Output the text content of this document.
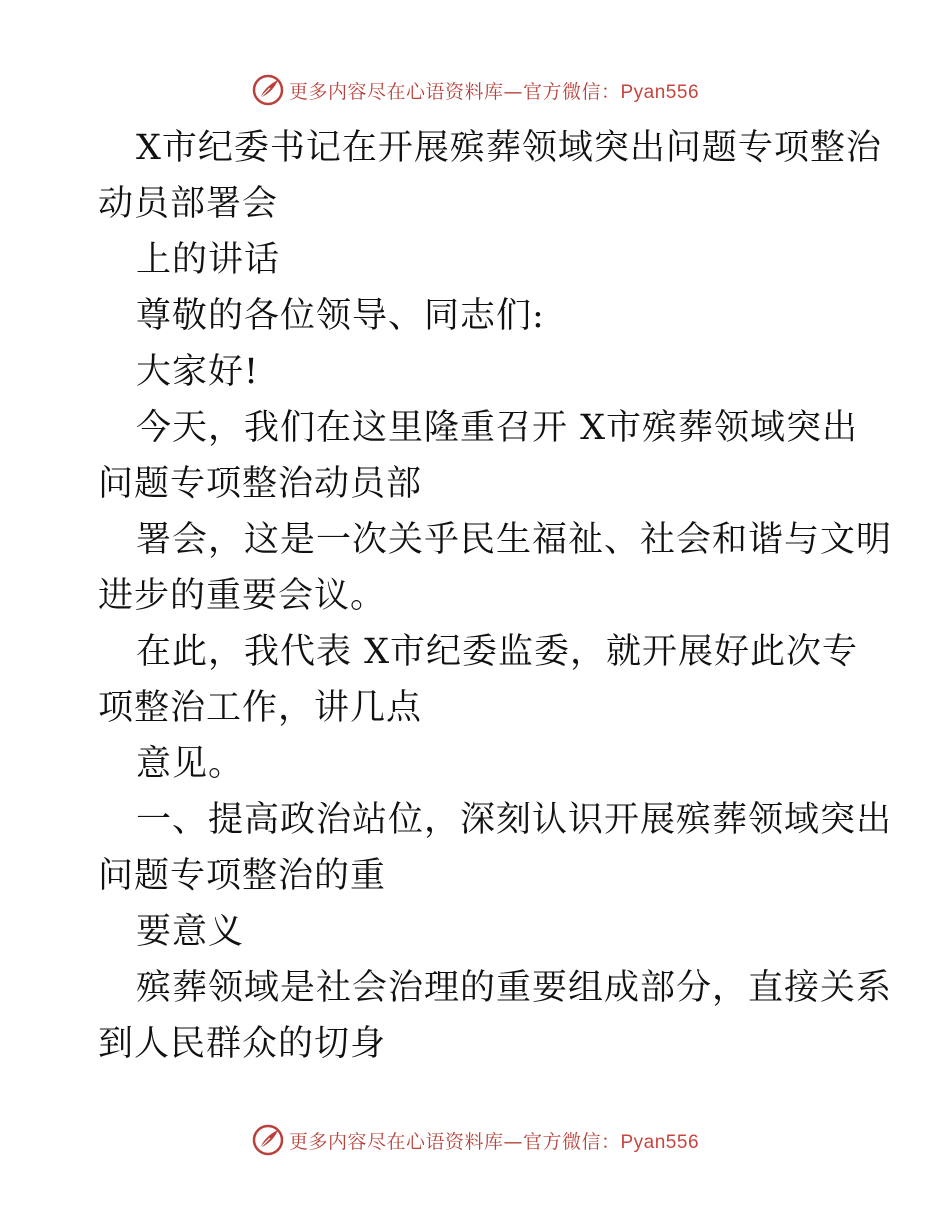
更多内容尽在心语资料库—官方微信：Pyan556
X市纪委书记在开展殡葬领域突出问题专项整治
动员部署会
上的讲话
尊敬的各位领导、同志们:
大家好!
今天，我们在这里隆重召开 X市殡葬领域突出
问题专项整治动员部
署会，这是一次关乎民生福祉、社会和谐与文明
进步的重要会议。
在此，我代表 X市纪委监委，就开展好此次专
项整治工作，讲几点
意见。
一、提高政治站位，深刻认识开展殡葬领域突出
问题专项整治的重
要意义
殡葬领域是社会治理的重要组成部分，直接关系
到人民群众的切身
更多内容尽在心语资料库—官方微信：Pyan556
